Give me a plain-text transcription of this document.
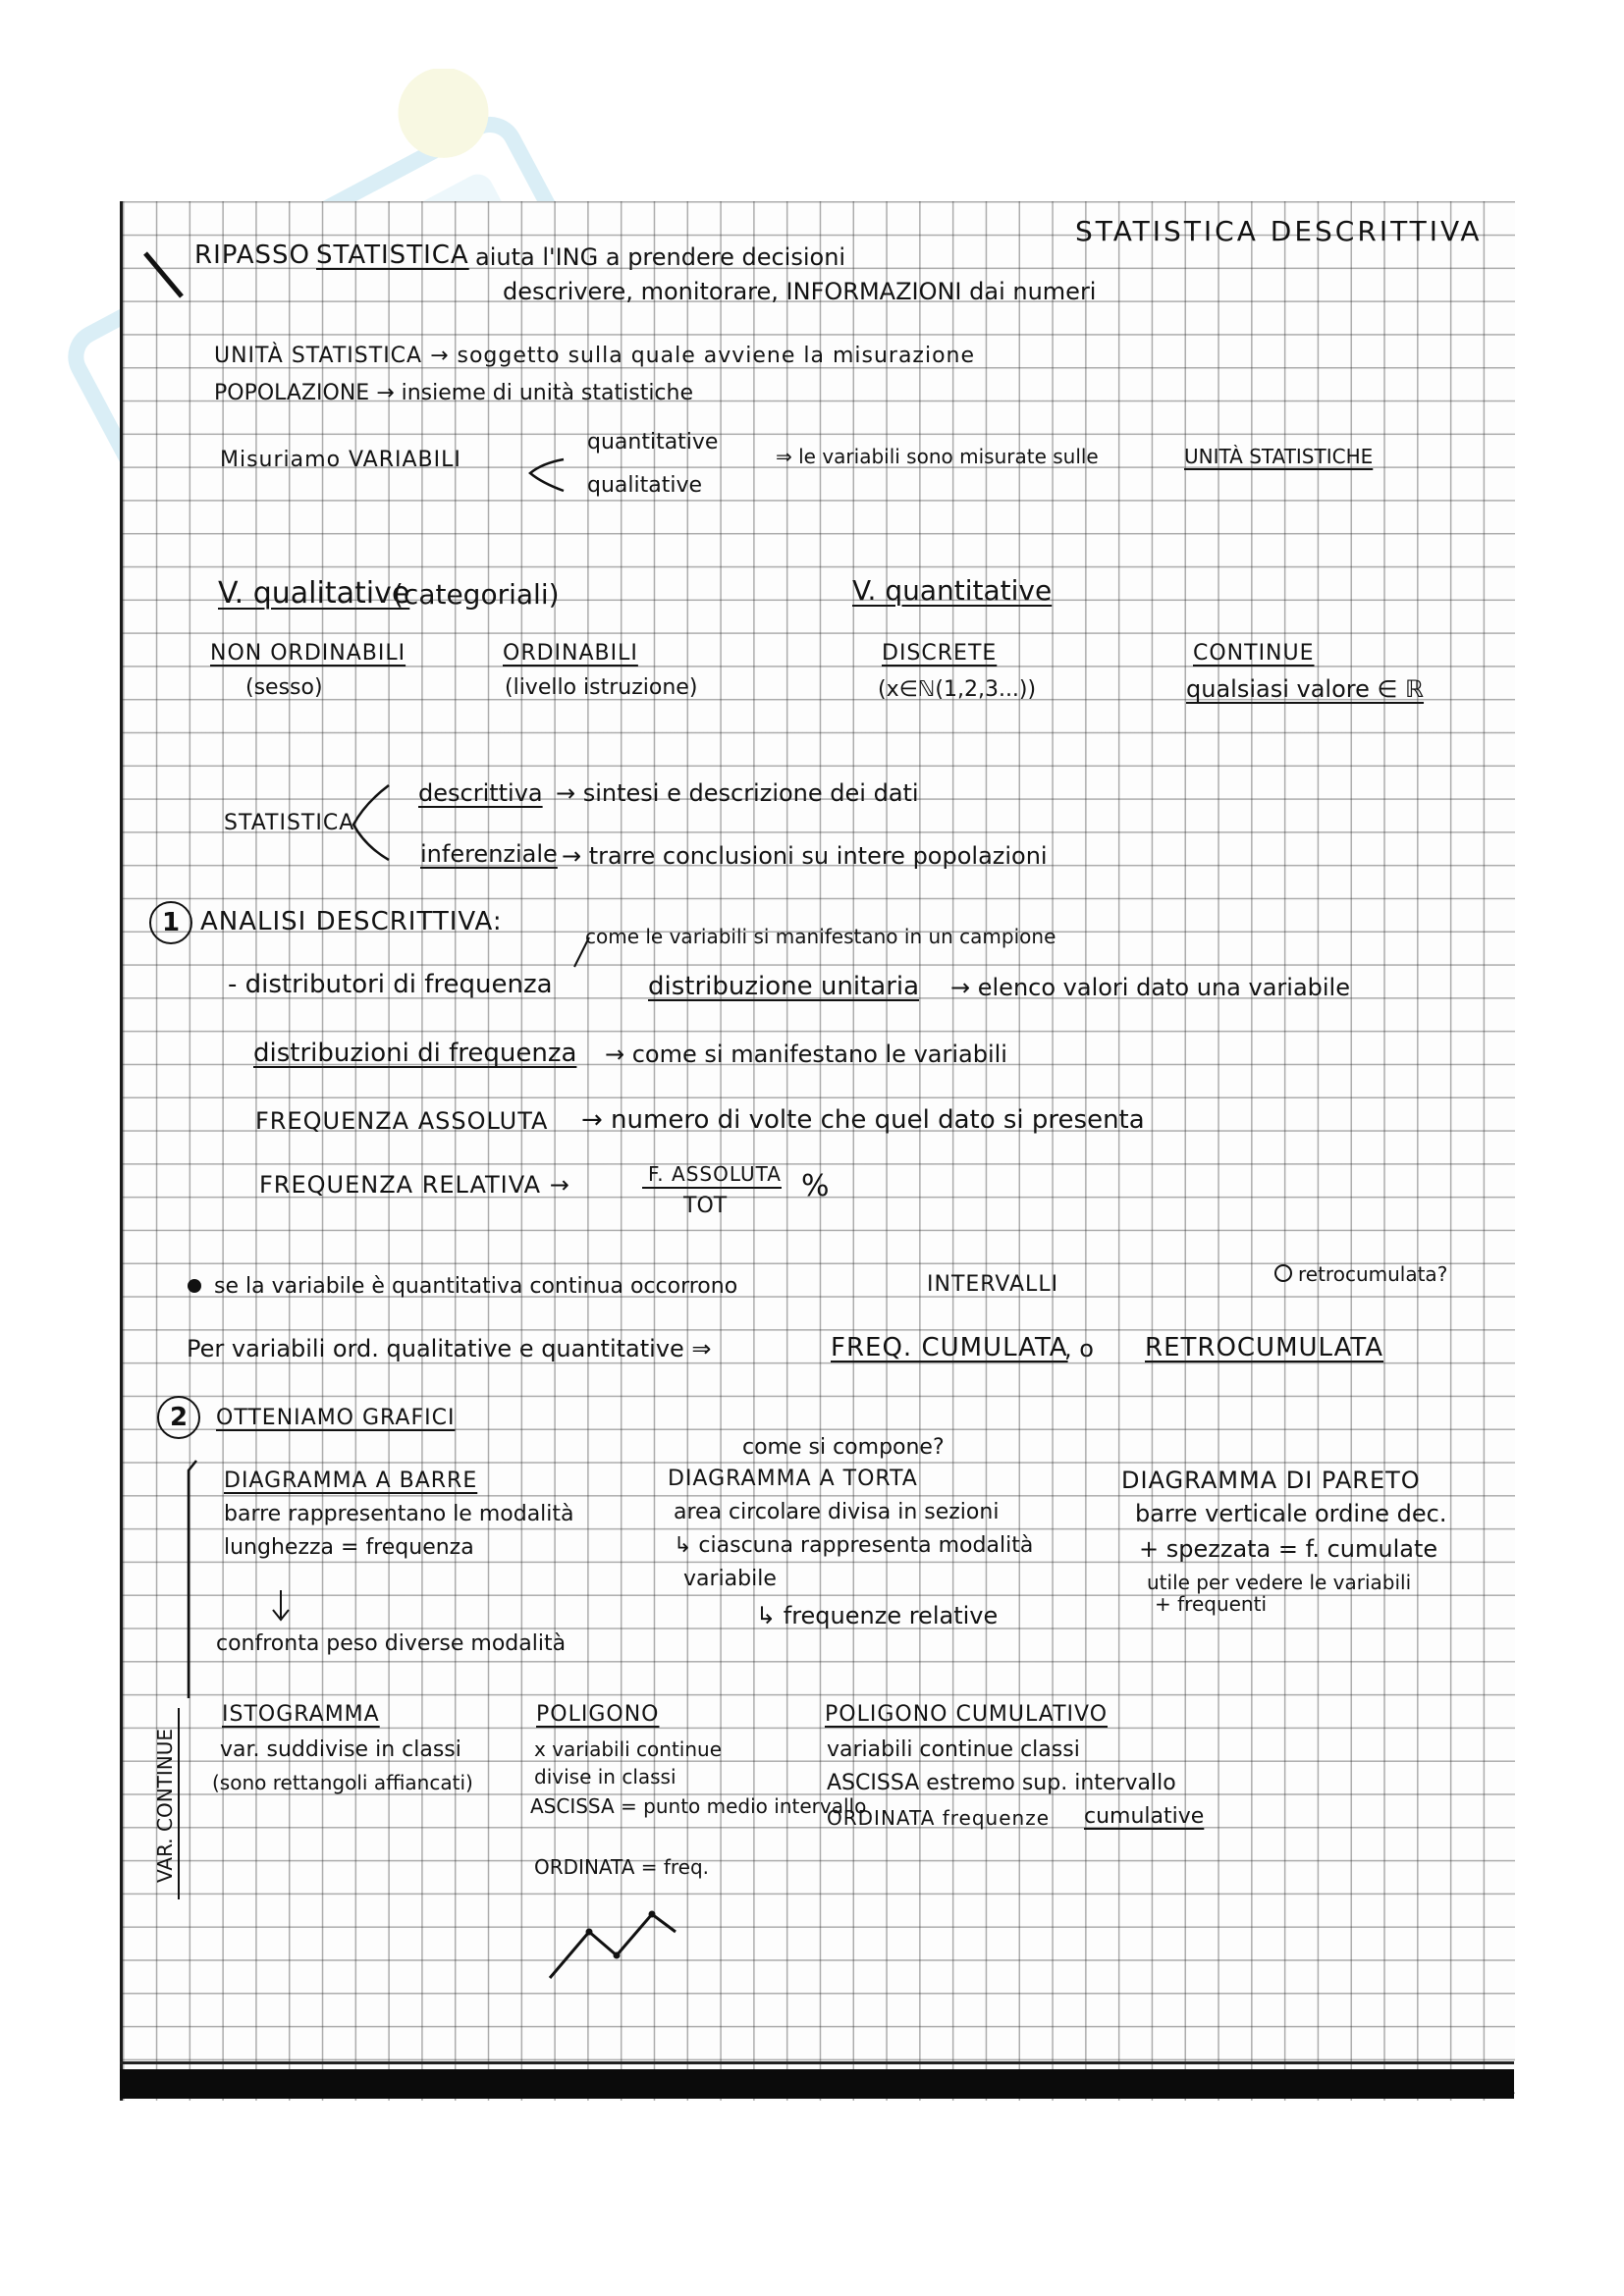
STATISTICA DESCRITTIVA
RIPASSO STATISTICA aiuta l'ING a prendere decisioni
descrivere, monitorare, INFORMAZIONI dai numeri
UNITÀ STATISTICA → soggetto sulla quale avviene la misurazione
POPOLAZIONE → insieme di unità statistiche
Misuriamo VARIABILI
quantitative
qualitative
⇒ le variabili sono misurate sulle	UNITÀ STATISTICHE
V. qualitative
(categoriali)	V. quantitative
NON ORDINABILI
(sesso)
ORDINABILI
(livello istruzione)
DISCRETE
(x∈ℕ(1,2,3...))
CONTINUE
qualsiasi valore ∈ ℝ
STATISTICA
descrittiva → sintesi e descrizione dei dati
inferenziale → trarre conclusioni su intere popolazioni
1 ANALISI DESCRITTIVA:	come le variabili si manifestano in un campione
- distributori di frequenza	distribuzione unitaria → elenco valori dato una variabile
distribuzioni di frequenza → come si manifestano le variabili
FREQUENZA ASSOLUTA → numero di volte che quel dato si presenta
FREQUENZA RELATIVA →	F. ASSOLUTA
TOT
%
se la variabile è quantitativa continua occorrono	INTERVALLI	retrocumulata?
Per variabili ord. qualitative e quantitative ⇒	FREQ. CUMULATA
, o RETROCUMULATA
2	OTTENIAMO GRAFICI
come si compone?
DIAGRAMMA A BARRE
barre rappresentano le modalità
lunghezza = frequenza
confronta peso diverse modalità
DIAGRAMMA A TORTA
area circolare divisa in sezioni
↳ ciascuna rappresenta modalità
variabile
↳ frequenze relative
DIAGRAMMA DI PARETO
barre verticale ordine dec.
+ spezzata = f. cumulate
utile per vedere le variabili
+ frequenti
VAR. CONTINUE
ISTOGRAMMA
var. suddivise in classi
(sono rettangoli affiancati)
POLIGONO
x variabili continue
divise in classi
ASCISSA = punto medio intervallo
ORDINATA = freq.
POLIGONO CUMULATIVO
variabili continue classi
ASCISSA estremo sup. intervallo
ORDINATA frequenze cumulative
